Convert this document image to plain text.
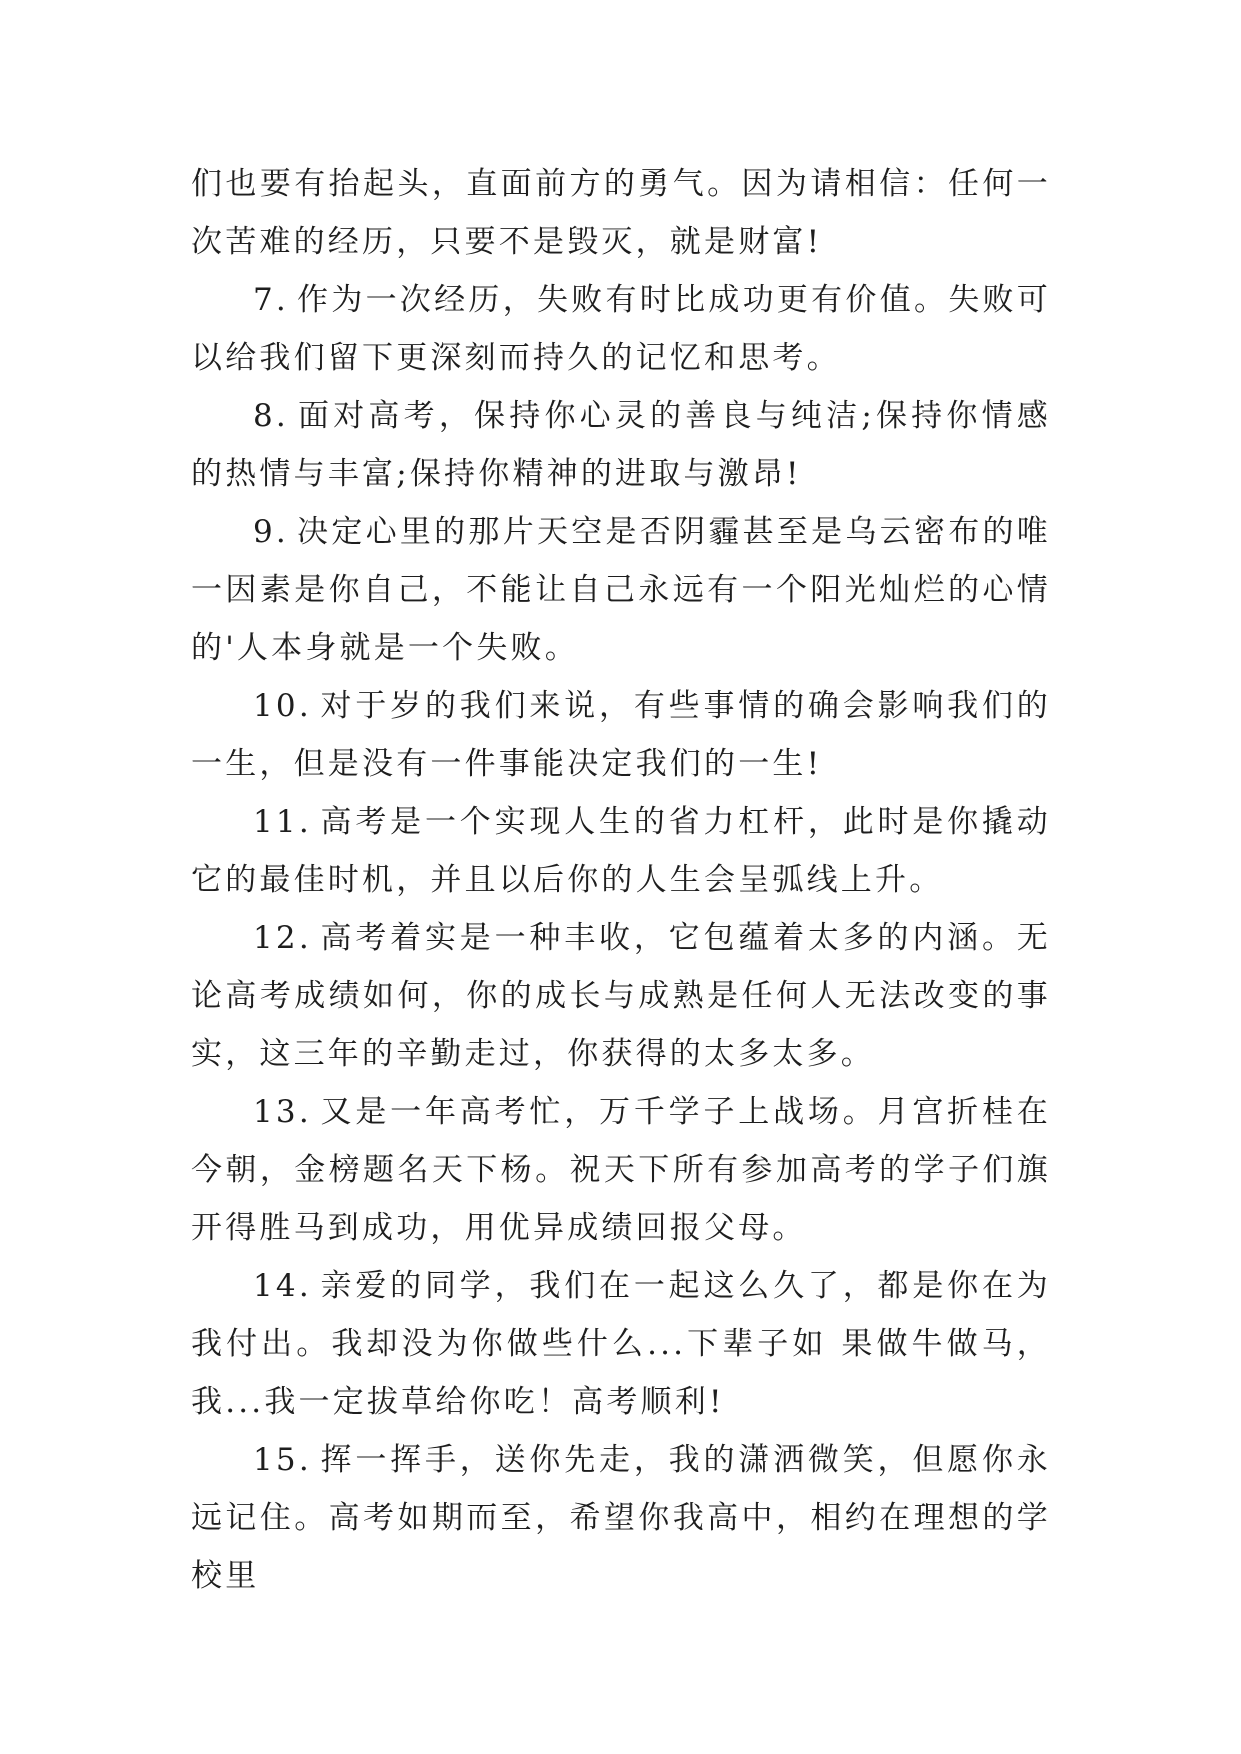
们也要有抬起头，直面前方的勇气。因为请相信：任何一次苦难的经历，只要不是毁灭，就是财富!

7. 作为一次经历，失败有时比成功更有价值。失败可以给我们留下更深刻而持久的记忆和思考。

8. 面对高考，保持你心灵的善良与纯洁;保持你情感的热情与丰富;保持你精神的进取与激昂!

9. 决定心里的那片天空是否阴霾甚至是乌云密布的唯一因素是你自己，不能让自己永远有一个阳光灿烂的心情的'人本身就是一个失败。

10. 对于岁的我们来说，有些事情的确会影响我们的一生，但是没有一件事能决定我们的一生!

11. 高考是一个实现人生的省力杠杆，此时是你撬动它的最佳时机，并且以后你的人生会呈弧线上升。

12. 高考着实是一种丰收，它包蕴着太多的内涵。无论高考成绩如何，你的成长与成熟是任何人无法改变的事实，这三年的辛勤走过，你获得的太多太多。

13. 又是一年高考忙，万千学子上战场。月宫折桂在今朝，金榜题名天下杨。祝天下所有参加高考的学子们旗开得胜马到成功，用优异成绩回报父母。

14. 亲爱的同学，我们在一起这么久了，都是你在为我付出。我却没为你做些什么...下辈子如 果做牛做马，我...我一定拔草给你吃！高考顺利!

15. 挥一挥手，送你先走，我的潇洒微笑，但愿你永远记住。高考如期而至，希望你我高中，相约在理想的学校里
